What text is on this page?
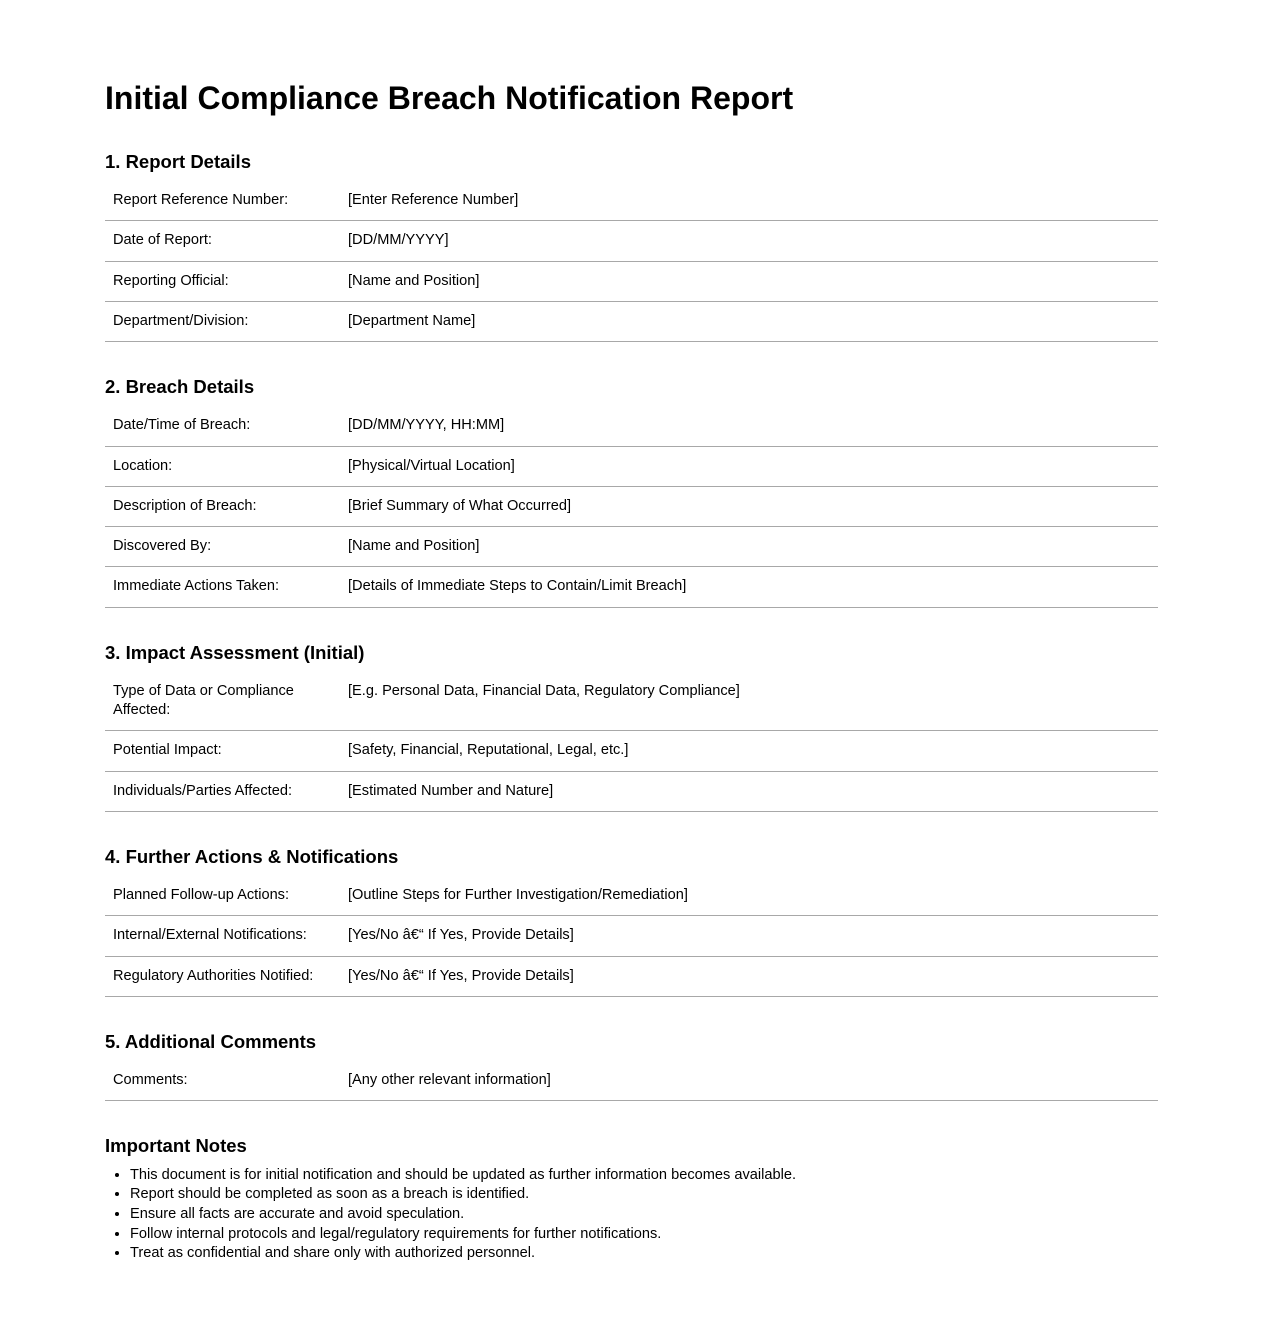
Initial Compliance Breach Notification Report
1. Report Details
Report Reference Number:	[Enter Reference Number]
Date of Report:	[DD/MM/YYYY]
Reporting Official:	[Name and Position]
Department/Division:	[Department Name]
2. Breach Details
Date/Time of Breach:	[DD/MM/YYYY, HH:MM]
Location:	[Physical/Virtual Location]
Description of Breach:	[Brief Summary of What Occurred]
Discovered By:	[Name and Position]
Immediate Actions Taken:	[Details of Immediate Steps to Contain/Limit Breach]
3. Impact Assessment (Initial)
Type of Data or Compliance Affected:
[E.g. Personal Data, Financial Data, Regulatory Compliance]
Potential Impact:	[Safety, Financial, Reputational, Legal, etc.]
Individuals/Parties Affected:	[Estimated Number and Nature]
4. Further Actions & Notifications
Planned Follow-up Actions:	[Outline Steps for Further Investigation/Remediation]
Internal/External Notifications:	[Yes/No â€“ If Yes, Provide Details]
Regulatory Authorities Notified:	[Yes/No â€“ If Yes, Provide Details]
5. Additional Comments
Comments:	[Any other relevant information]
Important Notes
• This document is for initial notification and should be updated as further information becomes available.
• Report should be completed as soon as a breach is identified.
• Ensure all facts are accurate and avoid speculation.
• Follow internal protocols and legal/regulatory requirements for further notifications.
• Treat as confidential and share only with authorized personnel.
